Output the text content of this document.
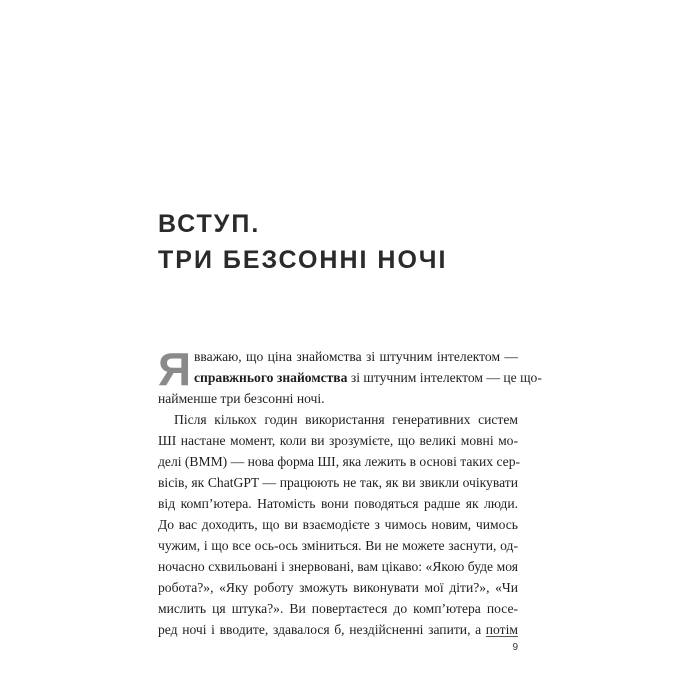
ВСТУП.
ТРИ БЕЗСОННІ НОЧІ
Я вважаю, що ціна знайомства зі штучним інтелектом —
справжнього знайомства зі штучним інтелектом — це що-
найменше три безсонні ночі.
Після кількох годин використання генеративних систем
ШІ настане момент, коли ви зрозумієте, що великі мовні мо-
делі (ВММ) — нова форма ШІ, яка лежить в основі таких сер-
вісів, як ChatGPT — працюють не так, як ви звикли очікувати
від комп’ютера. Натомість вони поводяться радше як люди.
До вас доходить, що ви взаємодієте з чимось новим, чимось
чужим, і що все ось-ось зміниться. Ви не можете заснути, од-
ночасно схвильовані і знервовані, вам цікаво: «Якою буде моя
робота?», «Яку роботу зможуть виконувати мої діти?», «Чи
мислить ця штука?». Ви повертаєтеся до комп’ютера посе-
ред ночі і вводите, здавалося б, нездійсненні запити, а потім
9
